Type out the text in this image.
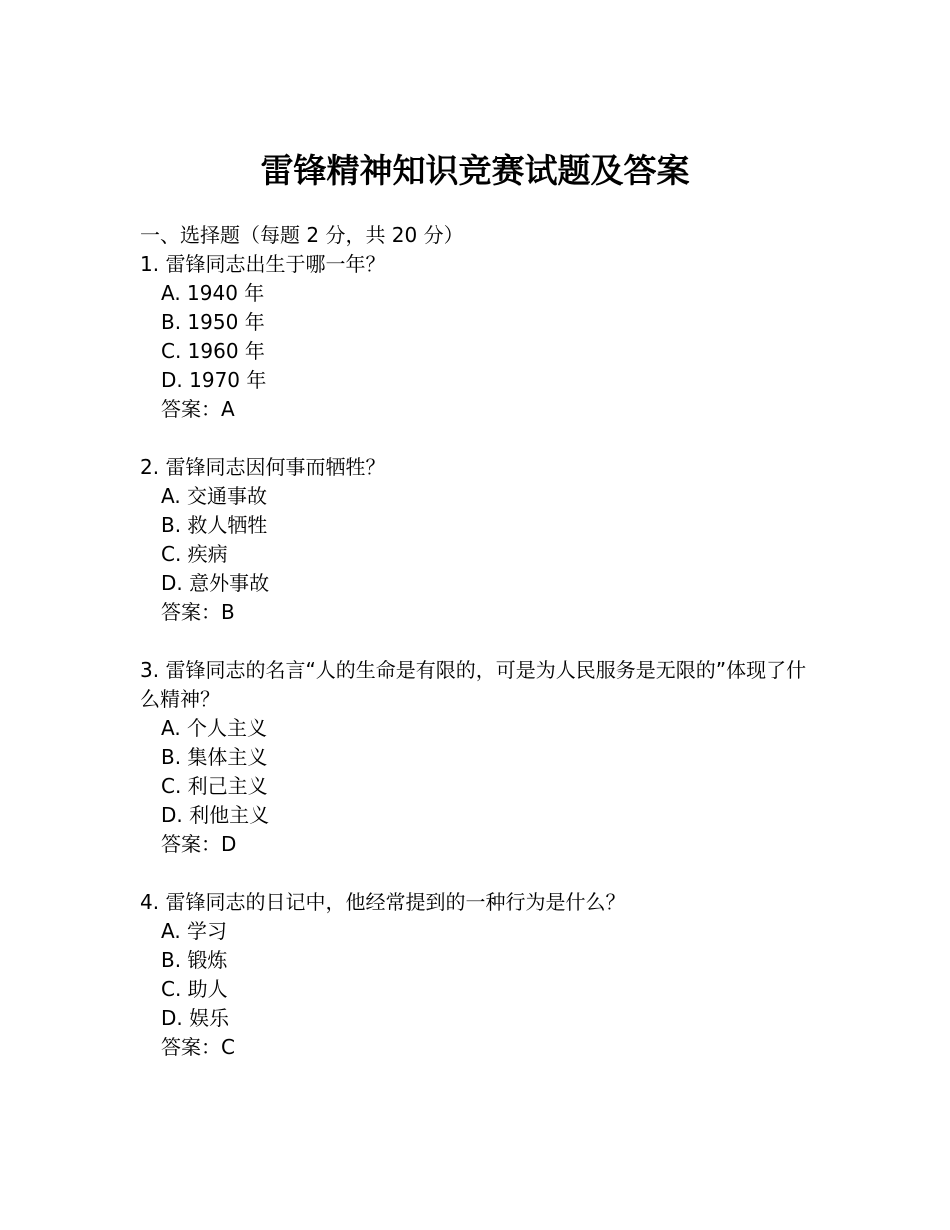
雷锋精神知识竞赛试题及答案

一、选择题（每题 2 分，共 20 分）

1. 雷锋同志出生于哪一年？

A. 1940 年

B. 1950 年

C. 1960 年

D. 1970 年

答案：A

2. 雷锋同志因何事而牺牲？

A. 交通事故

B. 救人牺牲

C. 疾病

D. 意外事故

答案：B

3. 雷锋同志的名言“人的生命是有限的，可是为人民服务是无限的”体现了什么精神？

A. 个人主义

B. 集体主义

C. 利己主义

D. 利他主义

答案：D

4. 雷锋同志的日记中，他经常提到的一种行为是什么？

A. 学习

B. 锻炼

C. 助人

D. 娱乐

答案：C
